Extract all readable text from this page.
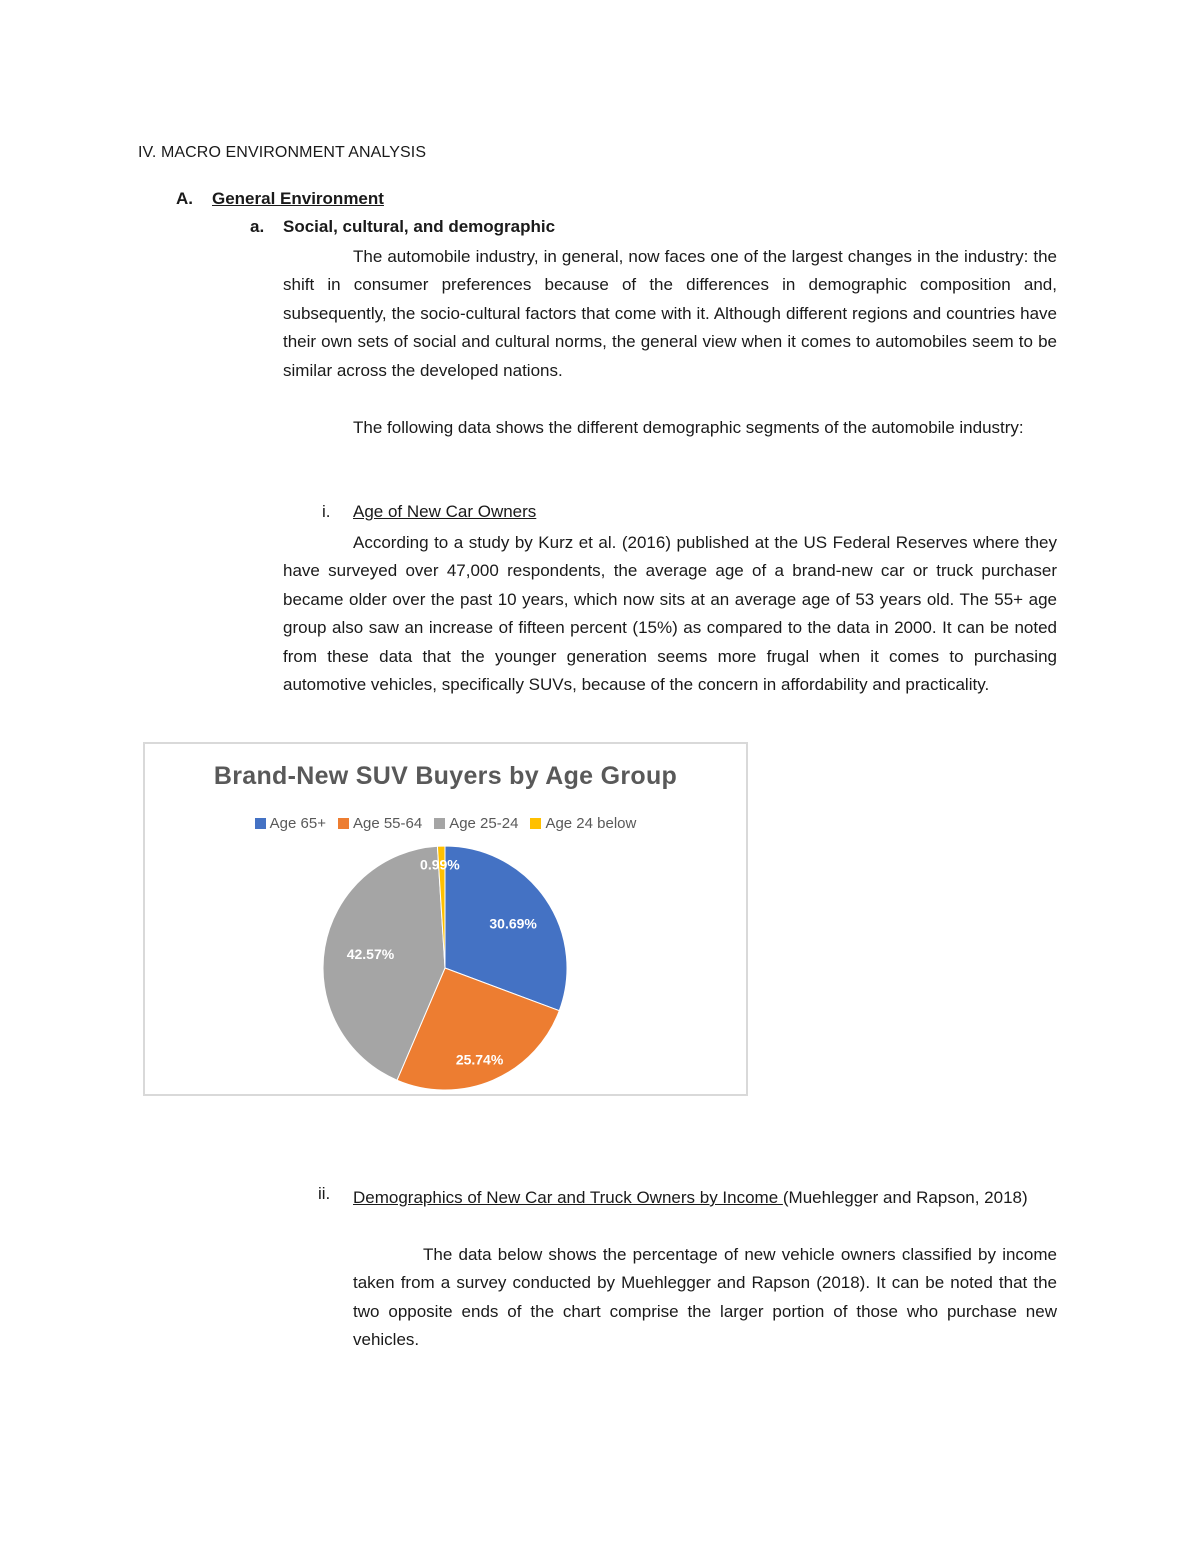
IV. MACRO ENVIRONMENT ANALYSIS

A. General Environment
a. Social, cultural, and demographic

The automobile industry, in general, now faces one of the largest changes in the industry: the shift in consumer preferences because of the differences in demographic composition and, subsequently, the socio-cultural factors that come with it. Although different regions and countries have their own sets of social and cultural norms, the general view when it comes to automobiles seem to be similar across the developed nations.

The following data shows the different demographic segments of the automobile industry:

i. Age of New Car Owners

According to a study by Kurz et al. (2016) published at the US Federal Reserves where they have surveyed over 47,000 respondents, the average age of a brand-new car or truck purchaser became older over the past 10 years, which now sits at an average age of 53 years old. The 55+ age group also saw an increase of fifteen percent (15%) as compared to the data in 2000. It can be noted from these data that the younger generation seems more frugal when it comes to purchasing automotive vehicles, specifically SUVs, because of the concern in affordability and practicality.

Brand-New SUV Buyers by Age Group

Age 65+ Age 55-64 Age 25-24 Age 24 below
30.69%
25.74%
42.57%
0.99%
ii. Demographics of New Car and Truck Owners by Income (Muehlegger and Rapson, 2018)

The data below shows the percentage of new vehicle owners classified by income taken from a survey conducted by Muehlegger and Rapson (2018). It can be noted that the two opposite ends of the chart comprise the larger portion of those who purchase new vehicles.
